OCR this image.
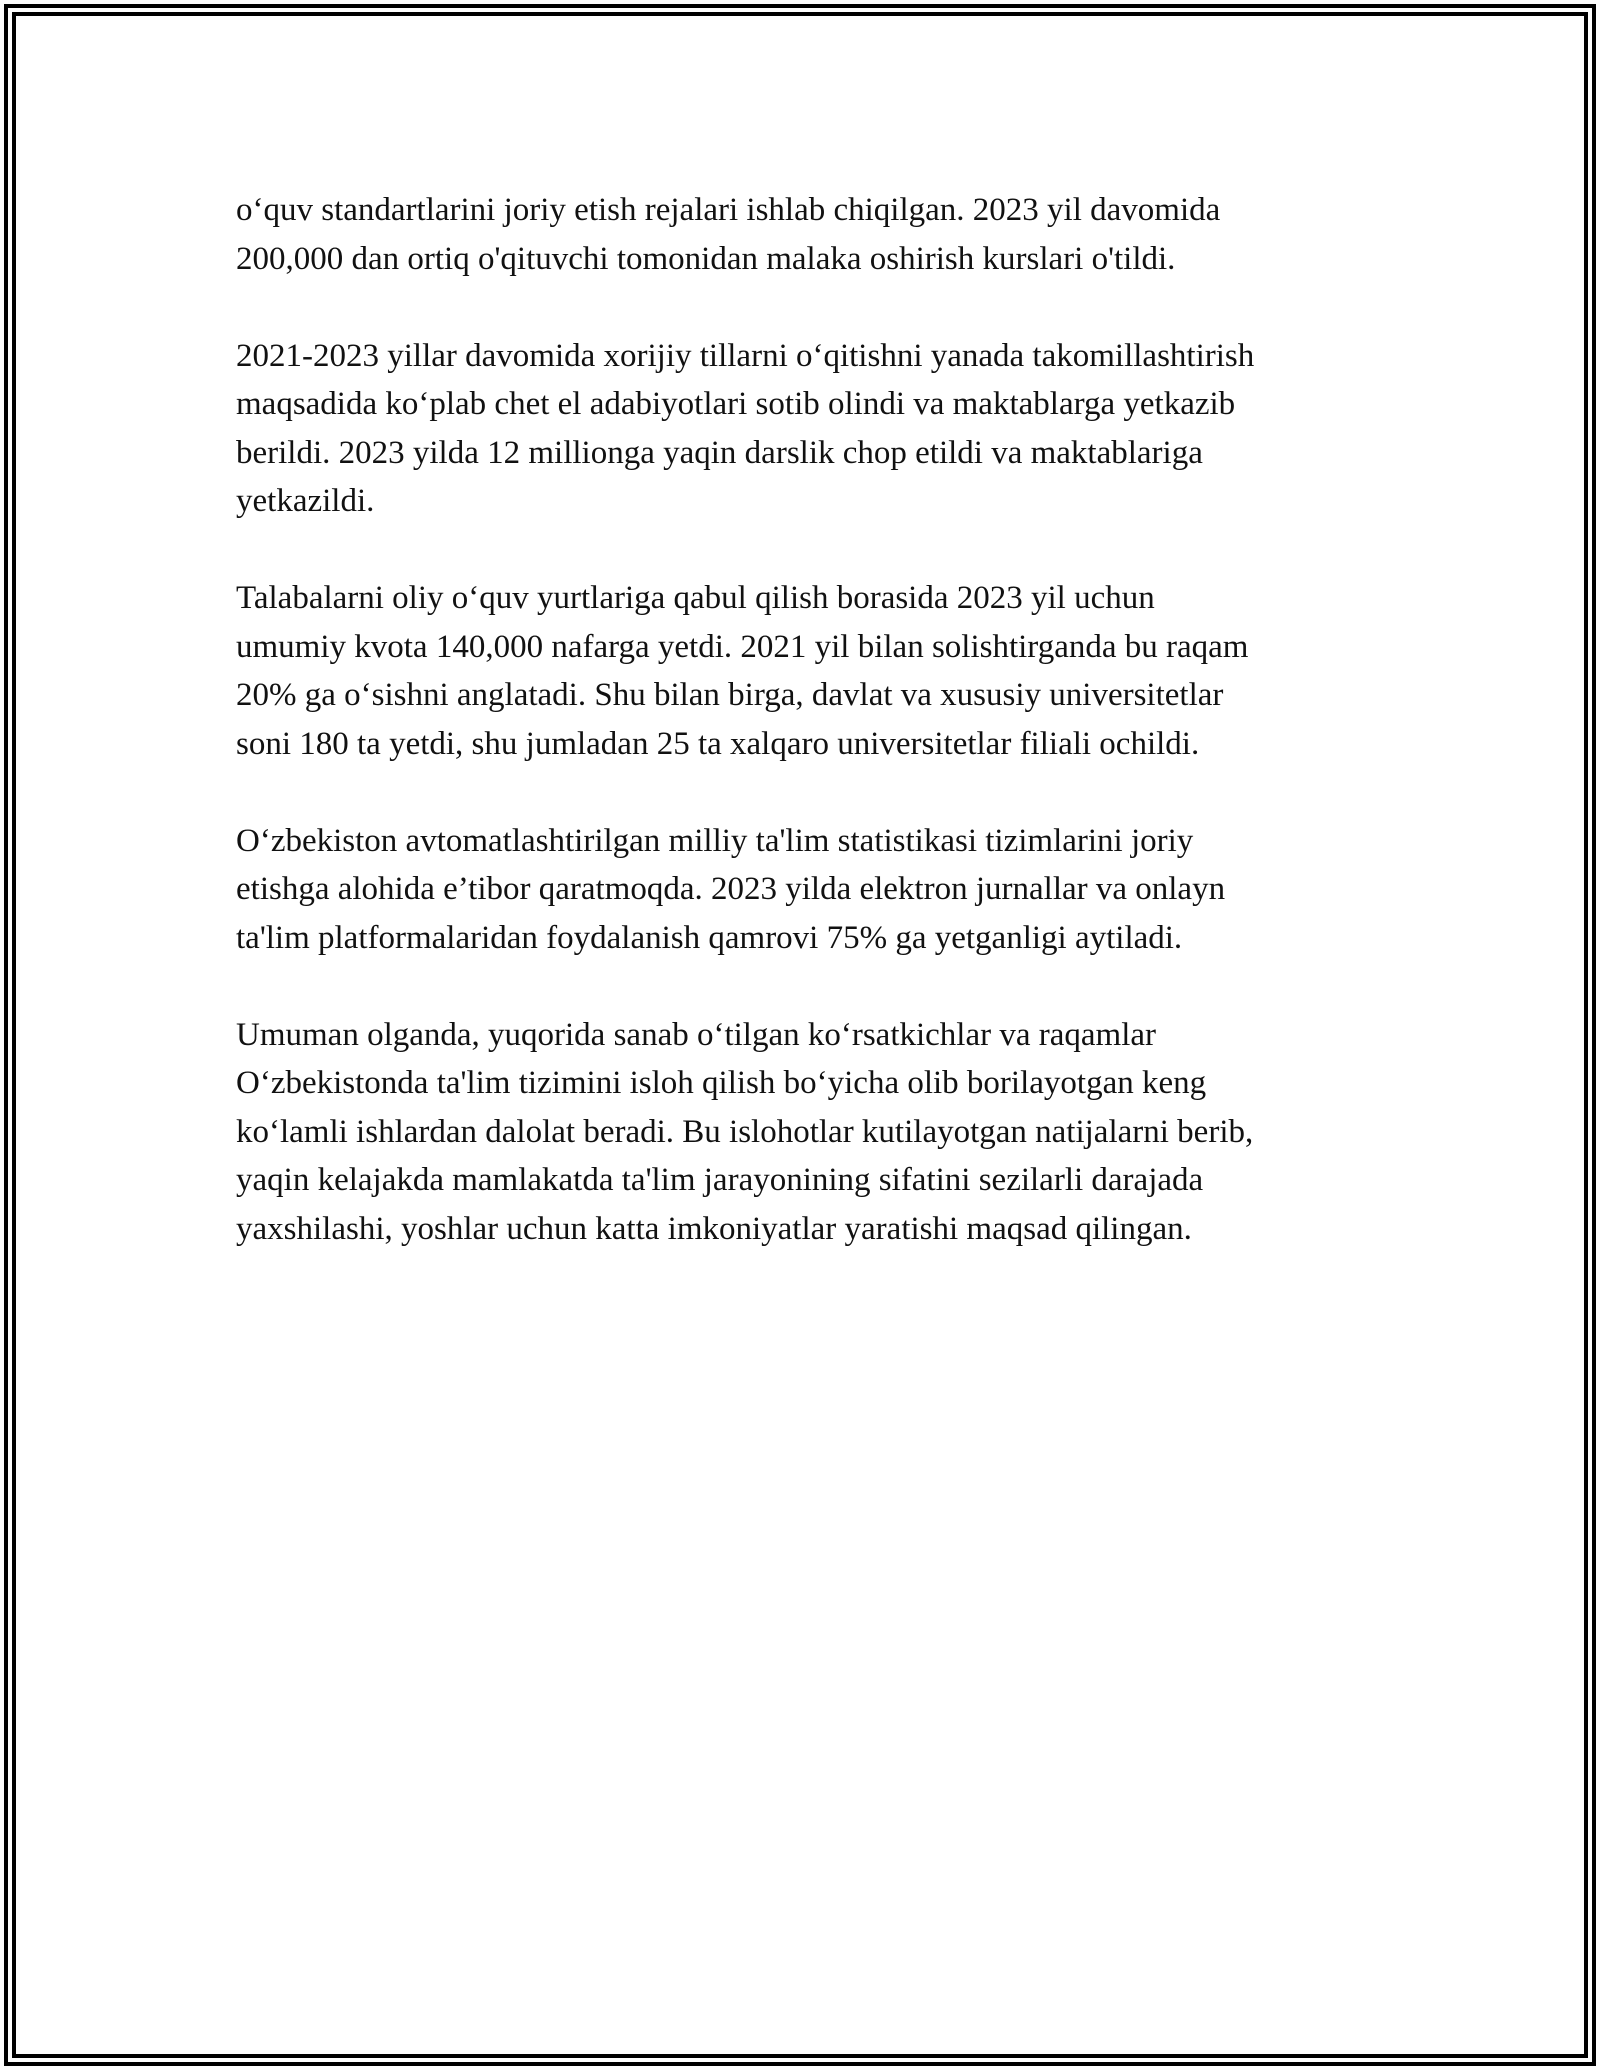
o‘quv standartlarini joriy etish rejalari ishlab chiqilgan. 2023 yil davomida
200,000 dan ortiq o'qituvchi tomonidan malaka oshirish kurslari o'tildi.

2021-2023 yillar davomida xorijiy tillarni o‘qitishni yanada takomillashtirish
maqsadida ko‘plab chet el adabiyotlari sotib olindi va maktablarga yetkazib
berildi. 2023 yilda 12 millionga yaqin darslik chop etildi va maktablariga
yetkazildi.

Talabalarni oliy o‘quv yurtlariga qabul qilish borasida 2023 yil uchun
umumiy kvota 140,000 nafarga yetdi. 2021 yil bilan solishtirganda bu raqam
20% ga o‘sishni anglatadi. Shu bilan birga, davlat va xususiy universitetlar
soni 180 ta yetdi, shu jumladan 25 ta xalqaro universitetlar filiali ochildi.

O‘zbekiston avtomatlashtirilgan milliy ta'lim statistikasi tizimlarini joriy
etishga alohida e’tibor qaratmoqda. 2023 yilda elektron jurnallar va onlayn
ta'lim platformalaridan foydalanish qamrovi 75% ga yetganligi aytiladi.

Umuman olganda, yuqorida sanab o‘tilgan ko‘rsatkichlar va raqamlar
O‘zbekistonda ta'lim tizimini isloh qilish bo‘yicha olib borilayotgan keng
ko‘lamli ishlardan dalolat beradi. Bu islohotlar kutilayotgan natijalarni berib,
yaqin kelajakda mamlakatda ta'lim jarayonining sifatini sezilarli darajada
yaxshilashi, yoshlar uchun katta imkoniyatlar yaratishi maqsad qilingan.
